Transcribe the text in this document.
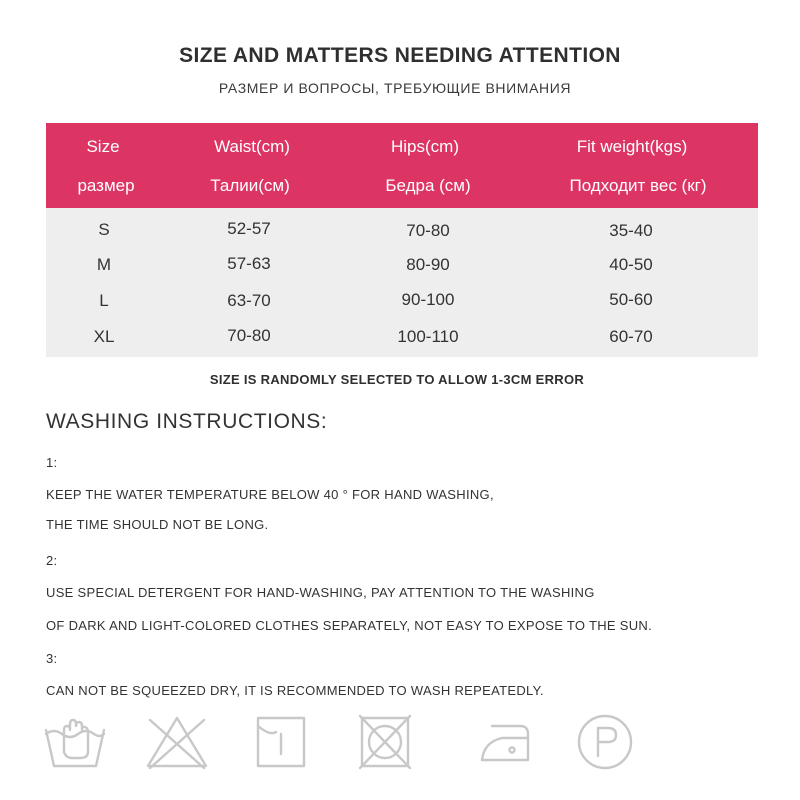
SIZE AND MATTERS NEEDING ATTENTION
РАЗМЕР И ВОПРОСЫ, ТРЕБУЮЩИЕ ВНИМАНИЯ
Size	Waist(cm)	Hips(cm)	Fit weight(kgs)
размер	Талии(см)	Бедра (см)	Подходит вес (кг)
S	52-57	70-80	35-40
M	57-63	80-90	40-50
L	63-70	90-100	50-60
XL	70-80	100-110	60-70
SIZE IS RANDOMLY SELECTED TO ALLOW 1-3CM ERROR
WASHING INSTRUCTIONS:
1:
KEEP THE WATER TEMPERATURE BELOW 40 ° FOR HAND WASHING,
THE TIME SHOULD NOT BE LONG.
2:
USE SPECIAL DETERGENT FOR HAND-WASHING, PAY ATTENTION TO THE WASHING
OF DARK AND LIGHT-COLORED CLOTHES SEPARATELY, NOT EASY TO EXPOSE TO THE SUN.
3:
CAN NOT BE SQUEEZED DRY, IT IS RECOMMENDED TO WASH REPEATEDLY.
